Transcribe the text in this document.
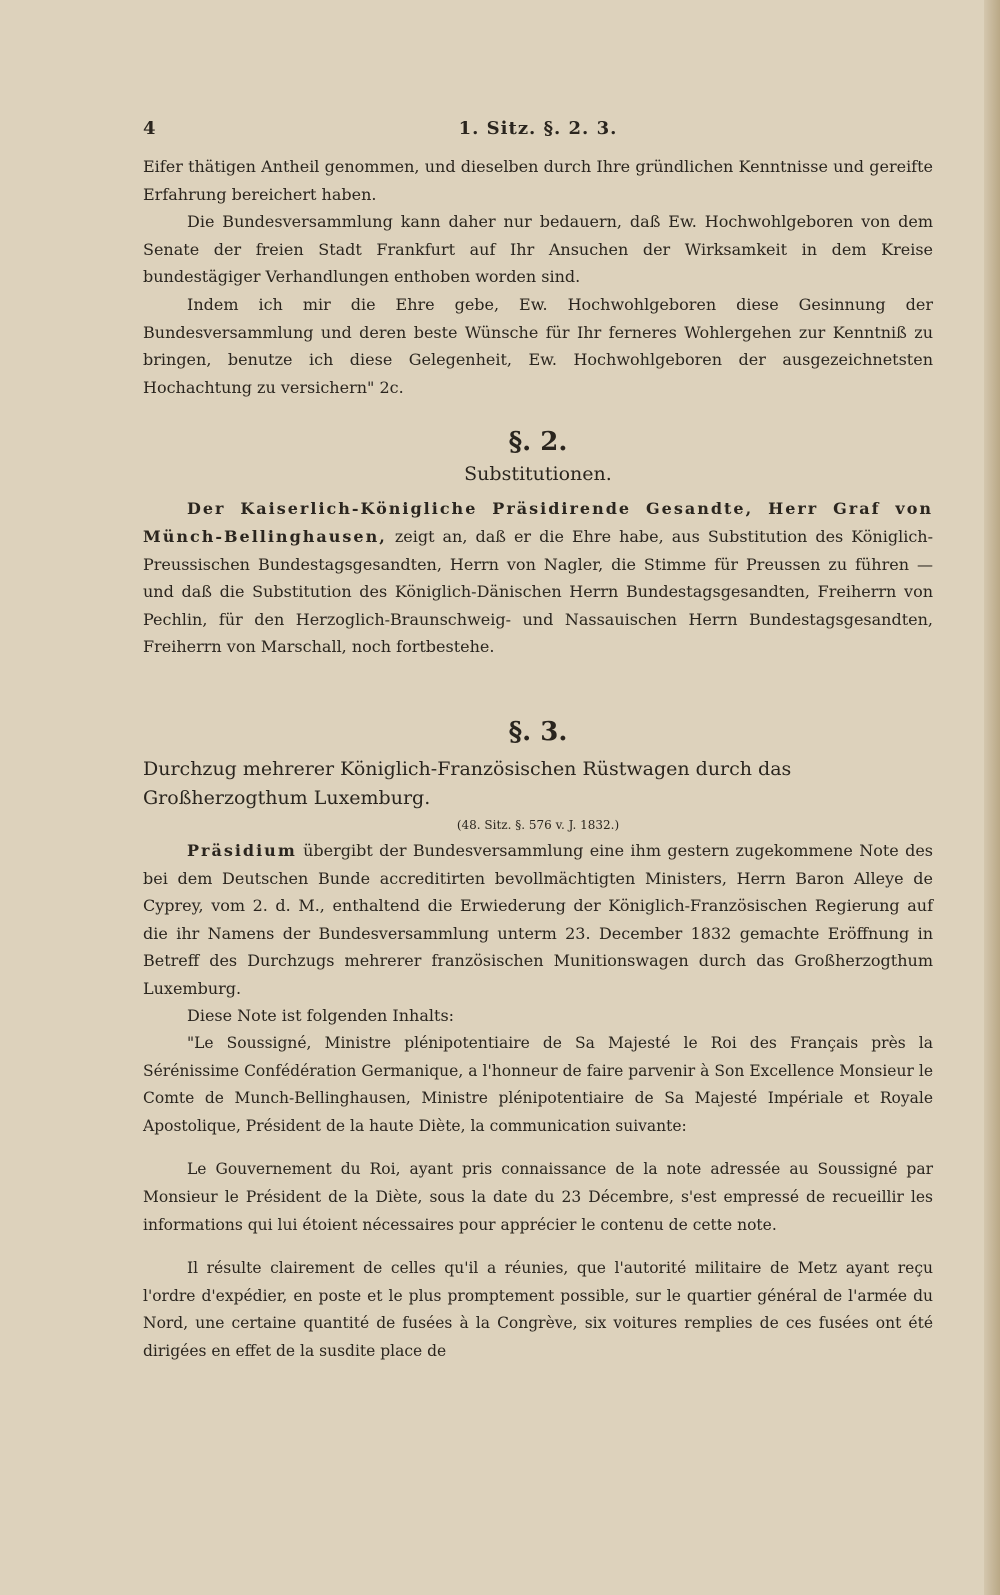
4	1. Sitz. §. 2. 3.

Eifer thätigen Antheil genommen, und dieselben durch Ihre gründlichen Kenntnisse und gereifte Erfahrung bereichert haben.

Die Bundesversammlung kann daher nur bedauern, daß Ew. Hochwohlgeboren von dem Senate der freien Stadt Frankfurt auf Ihr Ansuchen der Wirksamkeit in dem Kreise bundestägiger Verhandlungen enthoben worden sind.

Indem ich mir die Ehre gebe, Ew. Hochwohlgeboren diese Gesinnung der Bundesversammlung und deren beste Wünsche für Ihr ferneres Wohlergehen zur Kenntniß zu bringen, benutze ich diese Gelegenheit, Ew. Hochwohlgeboren der ausgezeichnetsten Hochachtung zu versichern" 2c.

§. 2.
Substitutionen.

Der Kaiserlich-Königliche Präsidirende Gesandte, Herr Graf von Münch-Bellinghausen, zeigt an, daß er die Ehre habe, aus Substitution des Königlich-Preussischen Bundestagsgesandten, Herrn von Nagler, die Stimme für Preussen zu führen — und daß die Substitution des Königlich-Dänischen Herrn Bundestagsgesandten, Freiherrn von Pechlin, für den Herzoglich-Braunschweig- und Nassauischen Herrn Bundestagsgesandten, Freiherrn von Marschall, noch fortbestehe.

§. 3.

Durchzug mehrerer Königlich-Französischen Rüstwagen durch das Großherzogthum Luxemburg.

(48. Sitz. §. 576 v. J. 1832.)

Präsidium übergibt der Bundesversammlung eine ihm gestern zugekommene Note des bei dem Deutschen Bunde accreditirten bevollmächtigten Ministers, Herrn Baron Alleye de Cyprey, vom 2. d. M., enthaltend die Erwiederung der Königlich-Französischen Regierung auf die ihr Namens der Bundesversammlung unterm 23. December 1832 gemachte Eröffnung in Betreff des Durchzugs mehrerer französischen Munitionswagen durch das Großherzogthum Luxemburg.

Diese Note ist folgenden Inhalts:

"Le Soussigné, Ministre plénipotentiaire de Sa Majesté le Roi des Français près la Sérénissime Confédération Germanique, a l'honneur de faire parvenir à Son Excellence Monsieur le Comte de Munch-Bellinghausen, Ministre plénipotentiaire de Sa Majesté Impériale et Royale Apostolique, Président de la haute Diète, la communication suivante:

Le Gouvernement du Roi, ayant pris connaissance de la note adressée au Soussigné par Monsieur le Président de la Diète, sous la date du 23 Décembre, s'est empressé de recueillir les informations qui lui étoient nécessaires pour apprécier le contenu de cette note.

Il résulte clairement de celles qu'il a réunies, que l'autorité militaire de Metz ayant reçu l'ordre d'expédier, en poste et le plus promptement possible, sur le quartier général de l'armée du Nord, une certaine quantité de fusées à la Congrève, six voitures remplies de ces fusées ont été dirigées en effet de la susdite place de
